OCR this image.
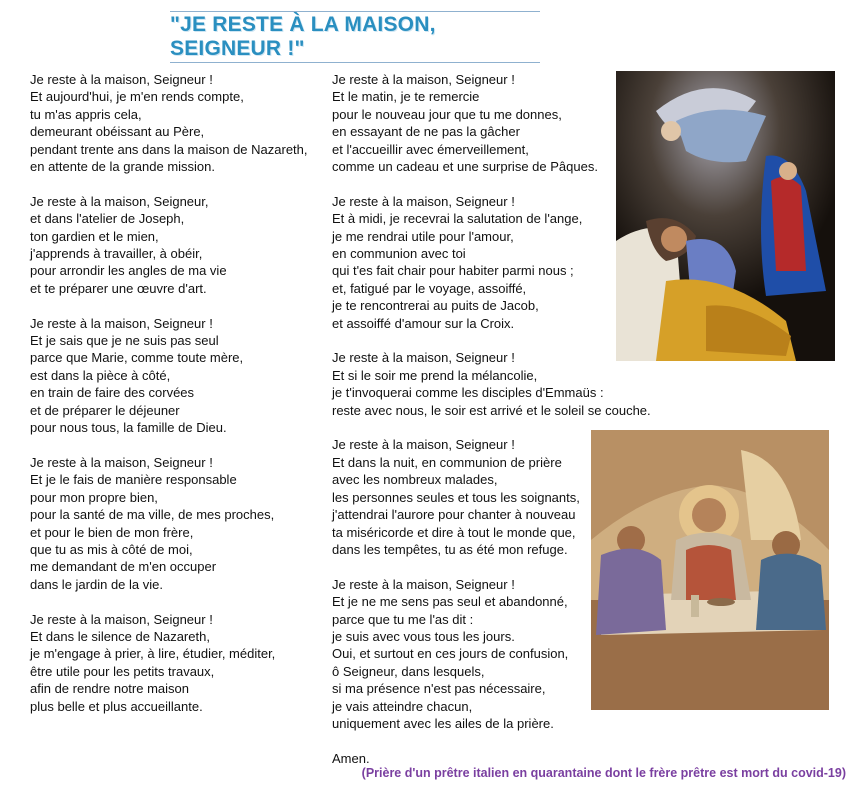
"JE RESTE À LA MAISON, SEIGNEUR !"
Je reste à la maison, Seigneur !
Et aujourd'hui, je m'en rends compte,
tu m'as appris cela,
demeurant obéissant au Père,
pendant trente ans dans la maison de Nazareth,
en attente de la grande mission.
Je reste à la maison, Seigneur,
et dans l'atelier de Joseph,
ton gardien et le mien,
j'apprends à travailler, à obéir,
pour arrondir les angles de ma vie
et te préparer une œuvre d'art.
Je reste à la maison, Seigneur !
Et je sais que je ne suis pas seul
parce que Marie, comme toute mère,
est dans la pièce à côté,
en train de faire des corvées
et de préparer le déjeuner
pour nous tous, la famille de Dieu.
Je reste à la maison, Seigneur !
Et je le fais de manière responsable
pour mon propre bien,
pour la santé de ma ville, de mes proches,
et pour le bien de mon frère,
que tu as mis à côté de moi,
me demandant de m'en occuper
dans le jardin de la vie.
Je reste à la maison, Seigneur !
Et dans le silence de Nazareth,
je m'engage à prier, à lire, étudier, méditer,
être utile pour les petits travaux,
afin de rendre notre maison
plus belle et plus accueillante.
Je reste à la maison, Seigneur !
Et le matin, je te remercie
pour le nouveau jour que tu me donnes,
en essayant de ne pas la gâcher
et l'accueillir avec émerveillement,
comme un cadeau et une surprise de Pâques.
Je reste à la maison, Seigneur !
Et à midi, je recevrai la salutation de l'ange,
je me rendrai utile pour l'amour,
en communion avec toi
qui t'es fait chair pour habiter parmi nous ;
et, fatigué par le voyage, assoiffé,
je te rencontrerai au puits de Jacob,
et assoiffé d'amour sur la Croix.
Je reste à la maison, Seigneur !
Et si le soir me prend la mélancolie,
je t'invoquerai comme les disciples d'Emmaüs :
reste avec nous, le soir est arrivé et le soleil se couche.
Je reste à la maison, Seigneur !
Et dans la nuit, en communion de prière
avec les nombreux malades,
les personnes seules et tous les soignants,
j'attendrai l'aurore pour chanter à nouveau
ta miséricorde et dire à tout le monde que,
dans les tempêtes, tu as été mon refuge.
Je reste à la maison, Seigneur !
Et je ne me sens pas seul et abandonné,
parce que tu me l'as dit :
je suis avec vous tous les jours.
Oui, et surtout en ces jours de confusion,
ô Seigneur, dans lesquels,
si ma présence n'est pas nécessaire,
je vais atteindre chacun,
uniquement avec les ailes de la prière.
Amen.
(Prière d'un prêtre italien en quarantaine dont le frère prêtre est mort du covid-19)
